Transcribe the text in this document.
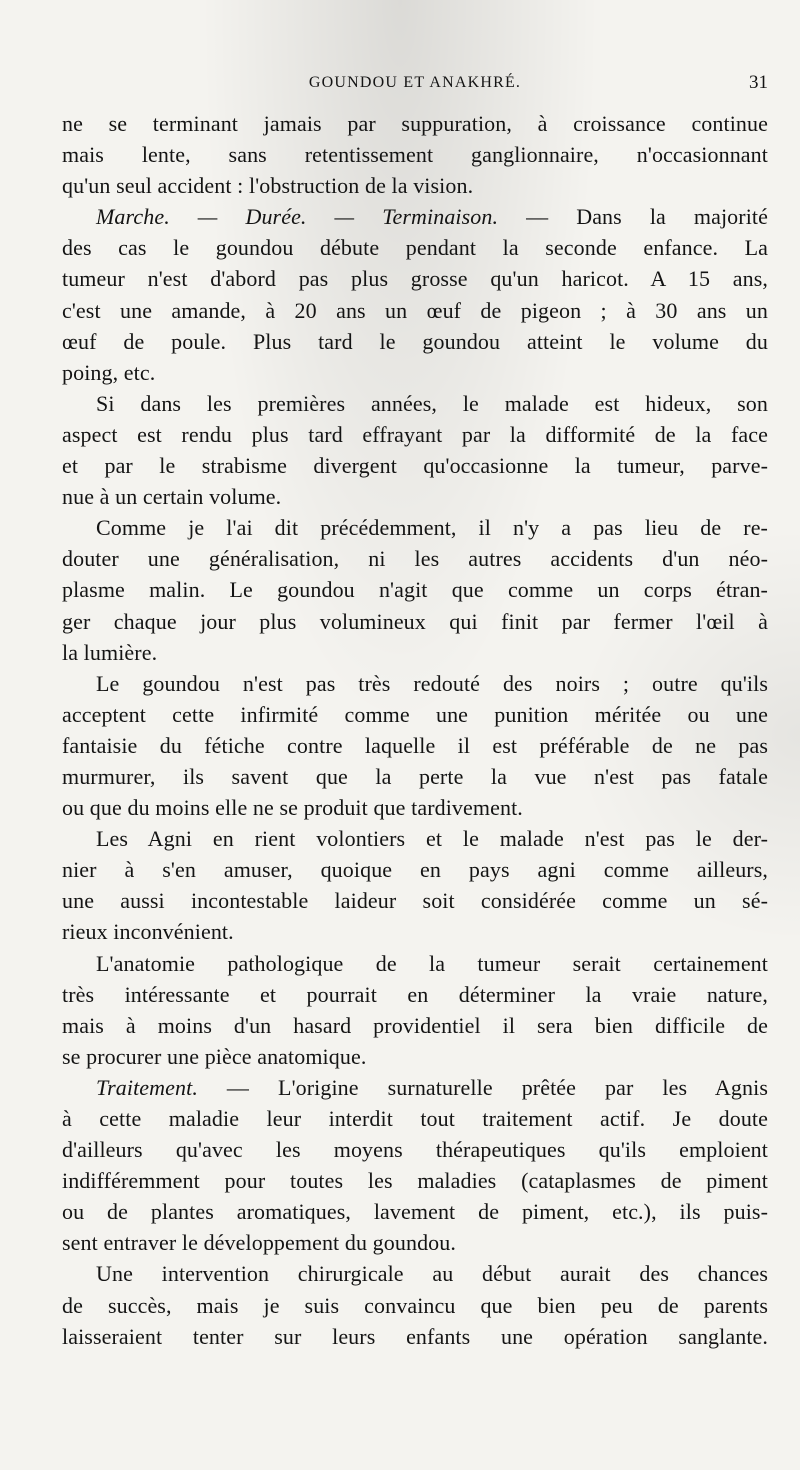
GOUNDOU ET ANAKHRÉ.	31
ne se terminant jamais par suppuration, à croissance continue
mais lente, sans retentissement ganglionnaire, n'occasionnant
qu'un seul accident : l'obstruction de la vision.
Marche. — Durée. — Terminaison. — Dans la majorité
des cas le goundou débute pendant la seconde enfance. La
tumeur n'est d'abord pas plus grosse qu'un haricot. A 15 ans,
c'est une amande, à 20 ans un œuf de pigeon ; à 30 ans un
œuf de poule. Plus tard le goundou atteint le volume du
poing, etc.
Si dans les premières années, le malade est hideux, son
aspect est rendu plus tard effrayant par la difformité de la face
et par le strabisme divergent qu'occasionne la tumeur, parve-
nue à un certain volume.
Comme je l'ai dit précédemment, il n'y a pas lieu de re-
douter une généralisation, ni les autres accidents d'un néo-
plasme malin. Le goundou n'agit que comme un corps étran-
ger chaque jour plus volumineux qui finit par fermer l'œil à
la lumière.
Le goundou n'est pas très redouté des noirs ; outre qu'ils
acceptent cette infirmité comme une punition méritée ou une
fantaisie du fétiche contre laquelle il est préférable de ne pas
murmurer, ils savent que la perte la vue n'est pas fatale
ou que du moins elle ne se produit que tardivement.
Les Agni en rient volontiers et le malade n'est pas le der-
nier à s'en amuser, quoique en pays agni comme ailleurs,
une aussi incontestable laideur soit considérée comme un sé-
rieux inconvénient.
L'anatomie pathologique de la tumeur serait certainement
très intéressante et pourrait en déterminer la vraie nature,
mais à moins d'un hasard providentiel il sera bien difficile de
se procurer une pièce anatomique.
Traitement. — L'origine surnaturelle prêtée par les Agnis
à cette maladie leur interdit tout traitement actif. Je doute
d'ailleurs qu'avec les moyens thérapeutiques qu'ils emploient
indifféremment pour toutes les maladies (cataplasmes de piment
ou de plantes aromatiques, lavement de piment, etc.), ils puis-
sent entraver le développement du goundou.
Une intervention chirurgicale au début aurait des chances
de succès, mais je suis convaincu que bien peu de parents
laisseraient tenter sur leurs enfants une opération sanglante.
